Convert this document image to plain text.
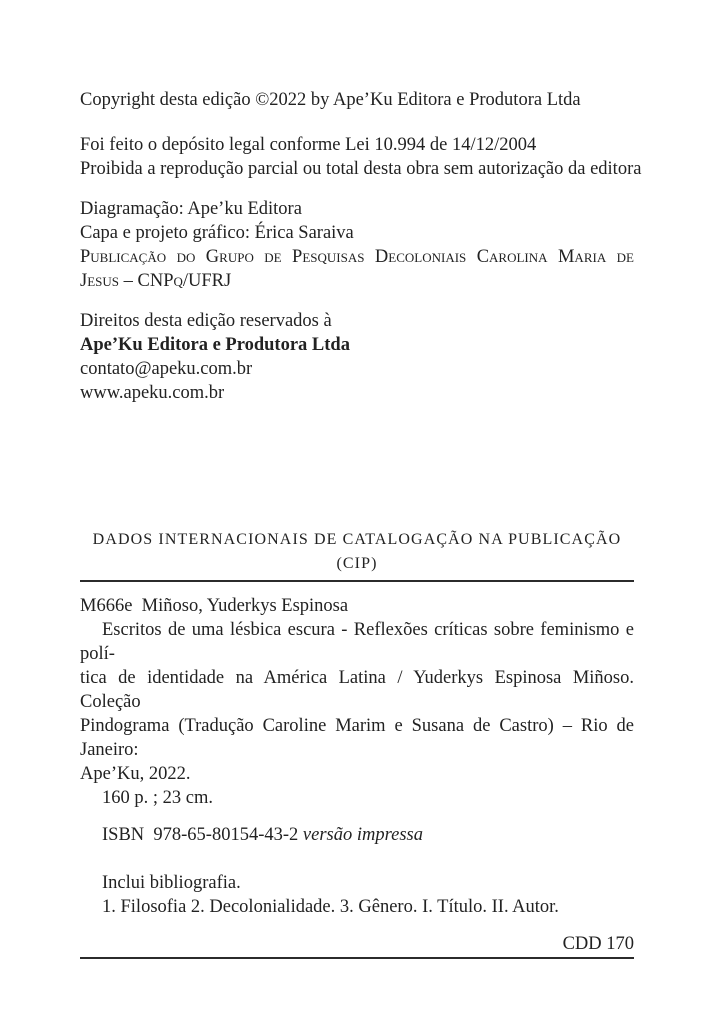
Copyright desta edição ©2022 by Ape’Ku Editora e Produtora Ltda
Foi feito o depósito legal conforme Lei 10.994 de 14/12/2004
Proibida a reprodução parcial ou total desta obra sem autorização da editora
Diagramação: Ape’ku Editora
Capa e projeto gráfico: Érica Saraiva
Publicação do Grupo de Pesquisas Decoloniais Carolina Maria de
Jesus – CNPq/UFRJ
Direitos desta edição reservados à
Ape’Ku Editora e Produtora Ltda
contato@apeku.com.br
www.apeku.com.br
DADOS INTERNACIONAIS DE CATALOGAÇÃO NA PUBLICAÇÃO (CIP)
M666e  Miñoso, Yuderkys Espinosa
Escritos de uma lésbica escura - Reflexões críticas sobre feminismo e polí-
tica de identidade na América Latina / Yuderkys Espinosa Miñoso. Coleção
Pindograma (Tradução Caroline Marim e Susana de Castro) – Rio de Janeiro:
Ape’Ku, 2022.
160 p. ; 23 cm.
ISBN  978-65-80154-43-2 versão impressa
Inclui bibliografia.
1. Filosofia 2. Decolonialidade. 3. Gênero. I. Título. II. Autor.
CDD 170
